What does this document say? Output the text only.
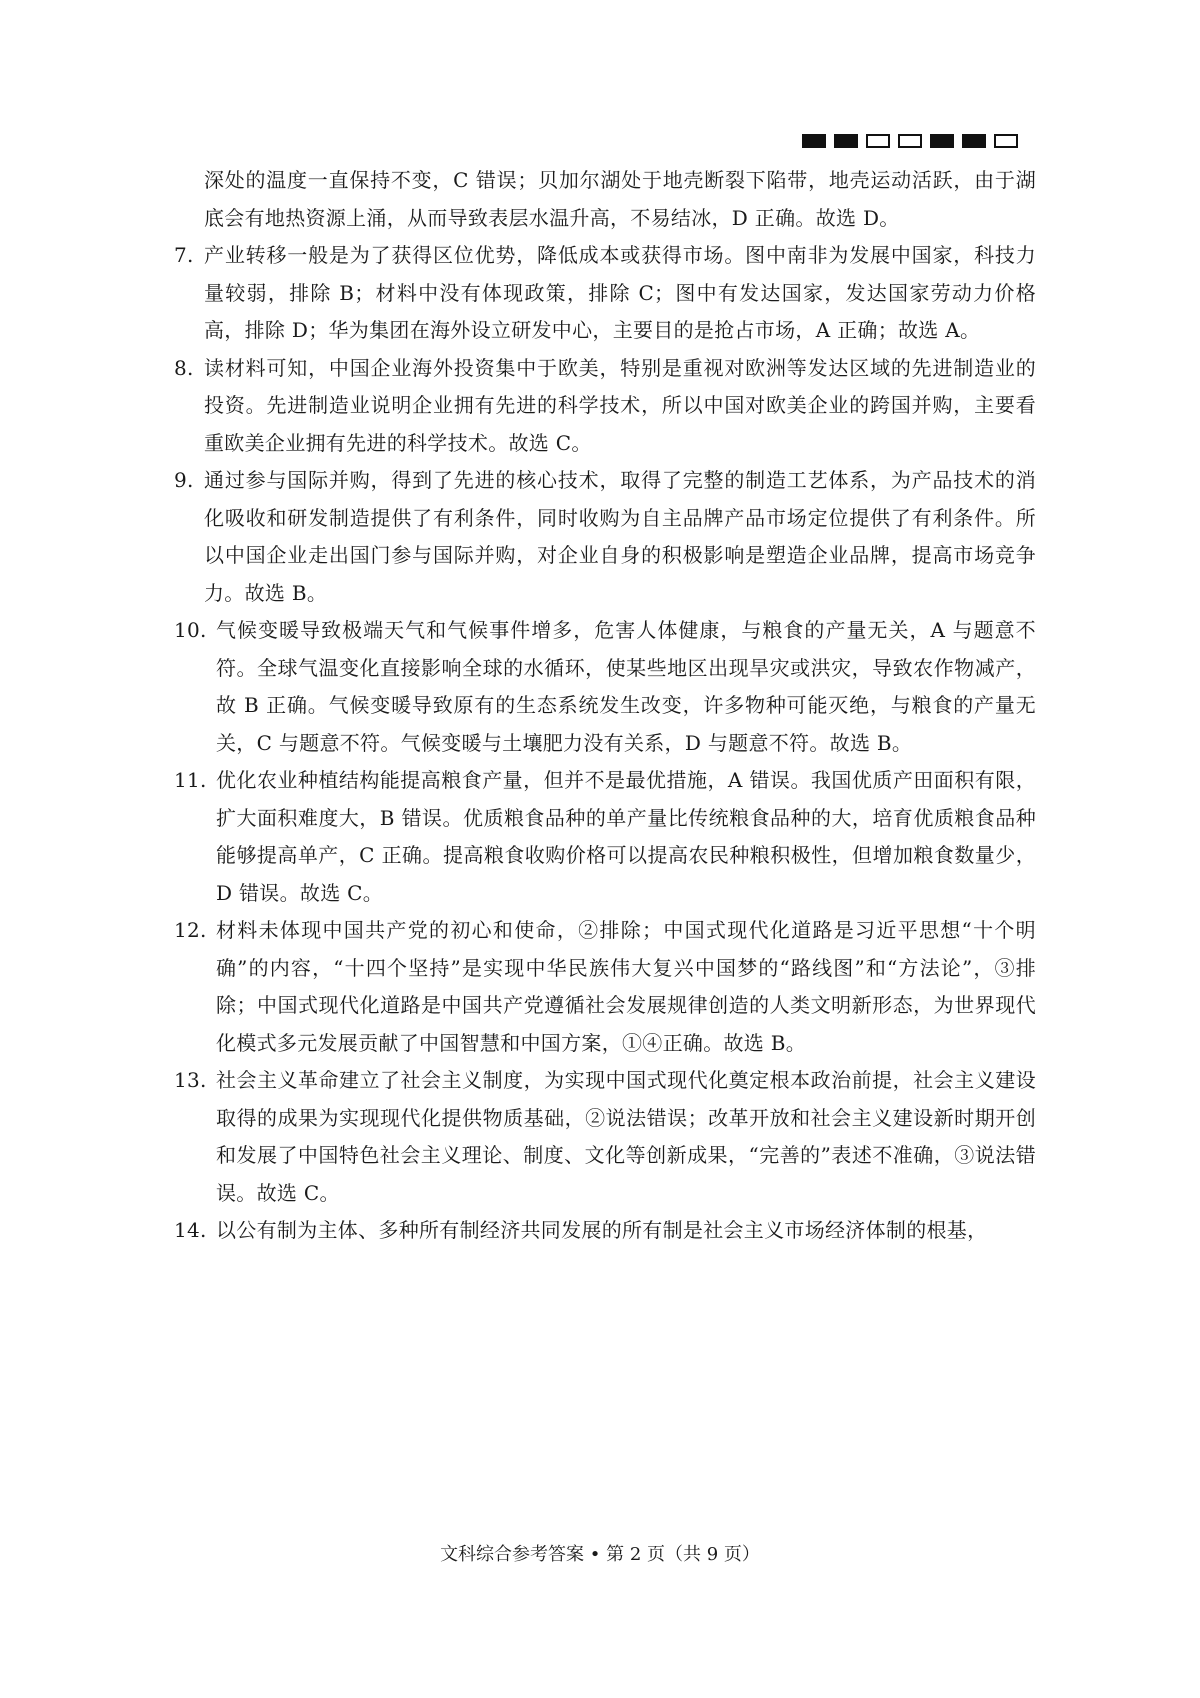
深处的温度一直保持不变，C 错误；贝加尔湖处于地壳断裂下陷带，地壳运动活跃，由于湖底会有地热资源上涌，从而导致表层水温升高，不易结冰，D 正确。故选 D。

7. 产业转移一般是为了获得区位优势，降低成本或获得市场。图中南非为发展中国家，科技力量较弱，排除 B；材料中没有体现政策，排除 C；图中有发达国家，发达国家劳动力价格高，排除 D；华为集团在海外设立研发中心，主要目的是抢占市场，A 正确；故选 A。

8. 读材料可知，中国企业海外投资集中于欧美，特别是重视对欧洲等发达区域的先进制造业的投资。先进制造业说明企业拥有先进的科学技术，所以中国对欧美企业的跨国并购，主要看重欧美企业拥有先进的科学技术。故选 C。

9. 通过参与国际并购，得到了先进的核心技术，取得了完整的制造工艺体系，为产品技术的消化吸收和研发制造提供了有利条件，同时收购为自主品牌产品市场定位提供了有利条件。所以中国企业走出国门参与国际并购，对企业自身的积极影响是塑造企业品牌，提高市场竞争力。故选 B。

10. 气候变暖导致极端天气和气候事件增多，危害人体健康，与粮食的产量无关，A 与题意不符。全球气温变化直接影响全球的水循环，使某些地区出现旱灾或洪灾，导致农作物减产，故 B 正确。气候变暖导致原有的生态系统发生改变，许多物种可能灭绝，与粮食的产量无关，C 与题意不符。气候变暖与土壤肥力没有关系，D 与题意不符。故选 B。

11. 优化农业种植结构能提高粮食产量，但并不是最优措施，A 错误。我国优质产田面积有限，扩大面积难度大，B 错误。优质粮食品种的单产量比传统粮食品种的大，培育优质粮食品种能够提高单产，C 正确。提高粮食收购价格可以提高农民种粮积极性，但增加粮食数量少，D 错误。故选 C。

12. 材料未体现中国共产党的初心和使命，②排除；中国式现代化道路是习近平思想“十个明确”的内容，“十四个坚持”是实现中华民族伟大复兴中国梦的“路线图”和“方法论”，③排除；中国式现代化道路是中国共产党遵循社会发展规律创造的人类文明新形态，为世界现代化模式多元发展贡献了中国智慧和中国方案，①④正确。故选 B。

13. 社会主义革命建立了社会主义制度，为实现中国式现代化奠定根本政治前提，社会主义建设取得的成果为实现现代化提供物质基础，②说法错误；改革开放和社会主义建设新时期开创和发展了中国特色社会主义理论、制度、文化等创新成果，“完善的”表述不准确，③说法错误。故选 C。

14. 以公有制为主体、多种所有制经济共同发展的所有制是社会主义市场经济体制的根基，

文科综合参考答案 • 第 2 页（共 9 页）
